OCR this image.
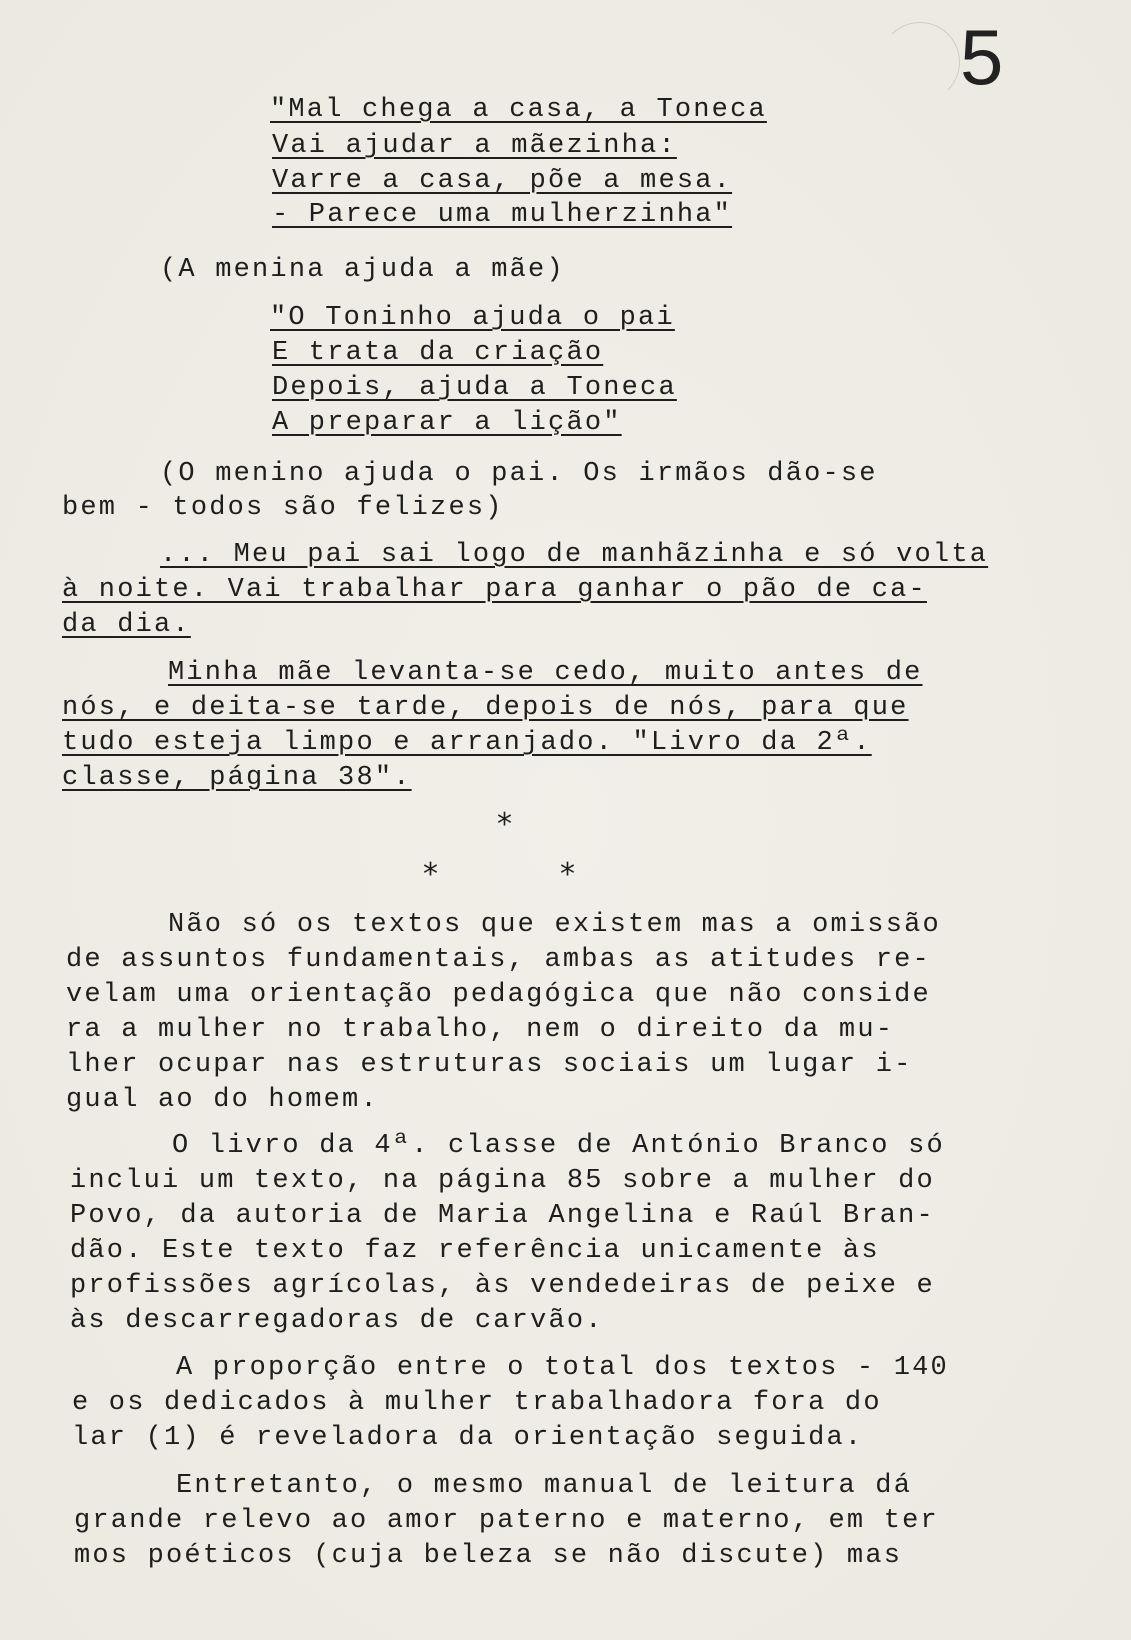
5
"Mal chega a casa, a Toneca
Vai ajudar a mãezinha:
Varre a casa, põe a mesa.
- Parece uma mulherzinha"
(A menina ajuda a mãe)
"O Toninho ajuda o pai
E trata da criação
Depois, ajuda a Toneca
A preparar a lição"
(O menino ajuda o pai. Os irmãos dão-se
bem - todos são felizes)
... Meu pai sai logo de manhãzinha e só volta
à noite. Vai trabalhar para ganhar o pão de ca-
da dia.
Minha mãe levanta-se cedo, muito antes de
nós, e deita-se tarde, depois de nós, para que
tudo esteja limpo e arranjado. "Livro da 2ª.
classe, página 38".
*
*	*
Não só os textos que existem mas a omissão
de assuntos fundamentais, ambas as atitudes re-
velam uma orientação pedagógica que não conside
ra a mulher no trabalho, nem o direito da mu-
lher ocupar nas estruturas sociais um lugar i-
gual ao do homem.
O livro da 4ª. classe de António Branco só
inclui um texto, na página 85 sobre a mulher do
Povo, da autoria de Maria Angelina e Raúl Bran-
dão. Este texto faz referência unicamente às
profissões agrícolas, às vendedeiras de peixe e
às descarregadoras de carvão.
A proporção entre o total dos textos - 140
e os dedicados à mulher trabalhadora fora do
lar (1) é reveladora da orientação seguida.
Entretanto, o mesmo manual de leitura dá
grande relevo ao amor paterno e materno, em ter
mos poéticos (cuja beleza se não discute) mas
